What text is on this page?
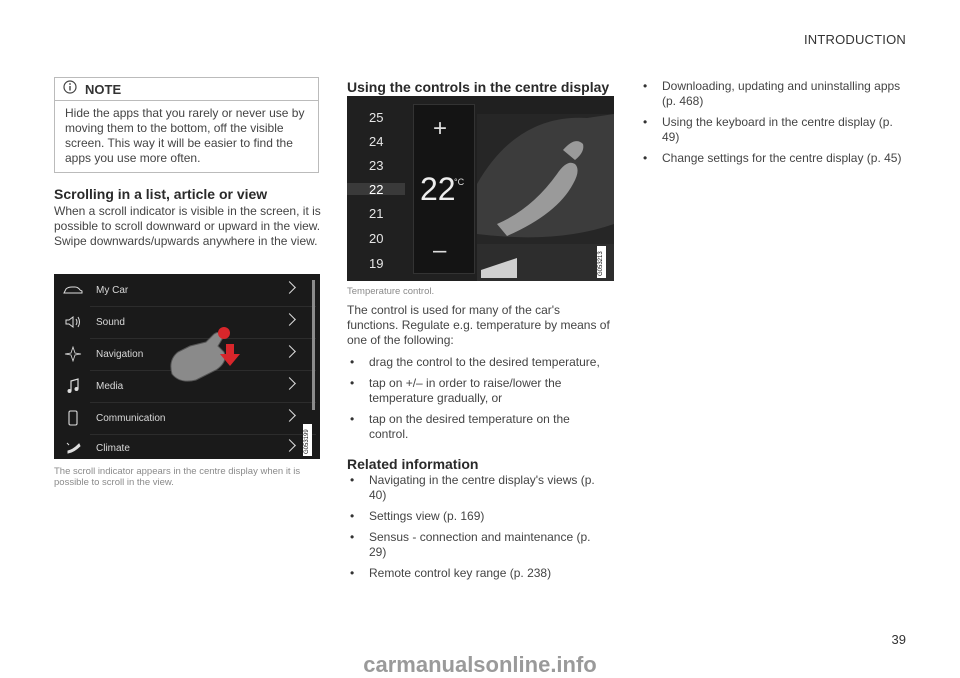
INTRODUCTION
NOTE
Hide the apps that you rarely or never use by moving them to the bottom, off the visible screen. This way it will be easier to find the apps you use more often.
Scrolling in a list, article or view
When a scroll indicator is visible in the screen, it is possible to scroll downward or upward in the view. Swipe downwards/upwards anywhere in the view.
My Car
Sound
Navigation
Media
Communication
Climate	G053199
The scroll indicator appears in the centre display when it is possible to scroll in the view.
Using the controls in the centre display
25
24
23
22
21
20
19
+
22
°C
–	G053213
Temperature control.
The control is used for many of the car's functions. Regulate e.g. temperature by means of one of the following:
• drag the control to the desired temperature,
• tap on +/– in order to raise/lower the temperature gradually, or
• tap on the desired temperature on the control.
Related information
• Navigating in the centre display's views (p. 40)
• Settings view (p. 169)
• Sensus - connection and maintenance (p. 29)
• Remote control key range (p. 238)
• Downloading, updating and uninstalling apps (p. 468)
• Using the keyboard in the centre display (p. 49)
• Change settings for the centre display (p. 45)
39
carmanualsonline.info
